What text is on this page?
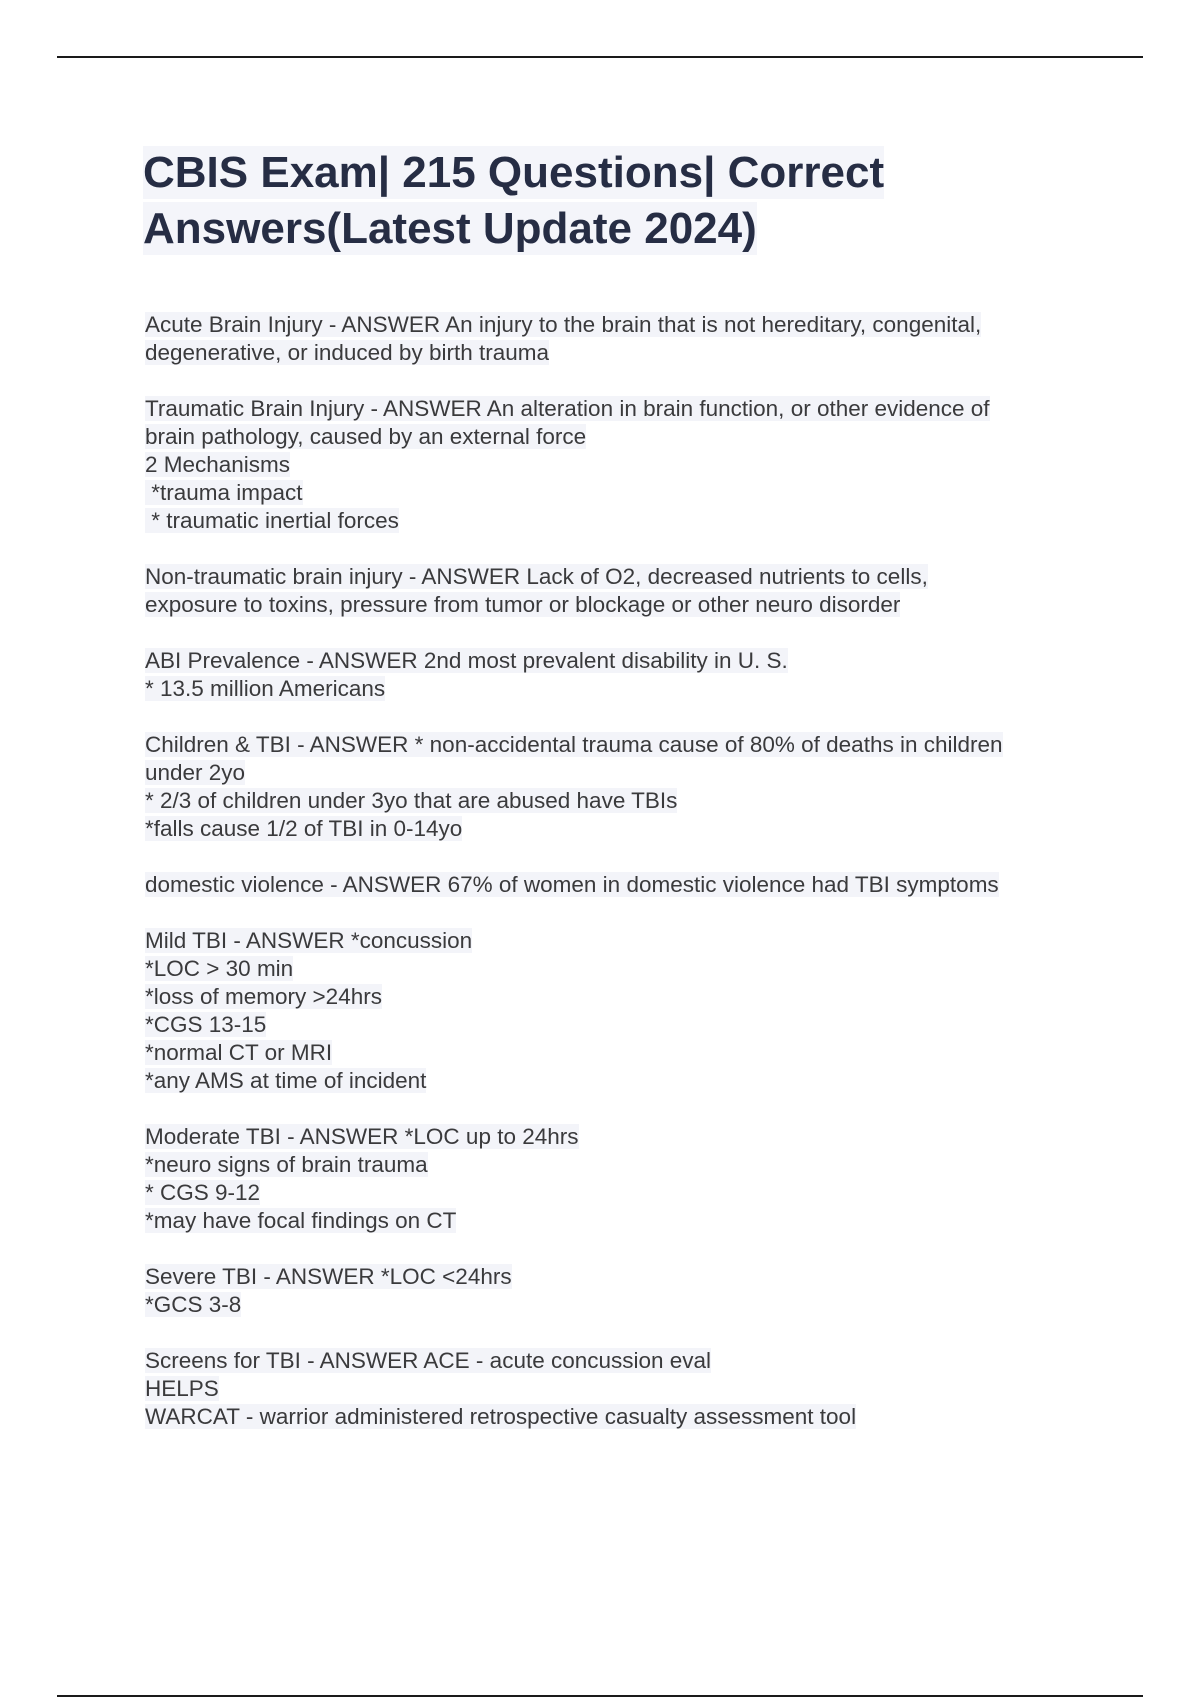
CBIS Exam| 215 Questions| Correct
Answers(Latest Update 2024)
Acute Brain Injury - ANSWER An injury to the brain that is not hereditary, congenital,
degenerative, or induced by birth trauma
Traumatic Brain Injury - ANSWER An alteration in brain function, or other evidence of
brain pathology, caused by an external force
2 Mechanisms
*trauma impact
* traumatic inertial forces
Non-traumatic brain injury - ANSWER Lack of O2, decreased nutrients to cells,
exposure to toxins, pressure from tumor or blockage or other neuro disorder
ABI Prevalence - ANSWER 2nd most prevalent disability in U. S.
* 13.5 million Americans
Children & TBI - ANSWER * non-accidental trauma cause of 80% of deaths in children
under 2yo
* 2/3 of children under 3yo that are abused have TBIs
*falls cause 1/2 of TBI in 0-14yo
domestic violence - ANSWER 67% of women in domestic violence had TBI symptoms
Mild TBI - ANSWER *concussion
*LOC > 30 min
*loss of memory >24hrs
*CGS 13-15
*normal CT or MRI
*any AMS at time of incident
Moderate TBI - ANSWER *LOC up to 24hrs
*neuro signs of brain trauma
* CGS 9-12
*may have focal findings on CT
Severe TBI - ANSWER *LOC <24hrs
*GCS 3-8
Screens for TBI - ANSWER ACE - acute concussion eval
HELPS
WARCAT - warrior administered retrospective casualty assessment tool
